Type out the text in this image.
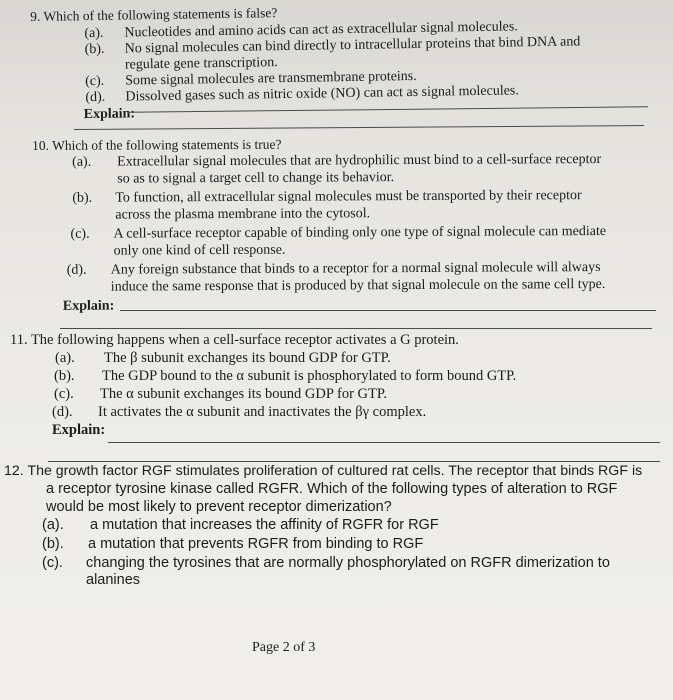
9. Which of the following statements is false?
(a). Nucleotides and amino acids can act as extracellular signal molecules.
(b). No signal molecules can bind directly to intracellular proteins that bind DNA and
regulate gene transcription.
(c). Some signal molecules are transmembrane proteins.
(d). Dissolved gases such as nitric oxide (NO) can act as signal molecules.
Explain:
10. Which of the following statements is true?
(a). Extracellular signal molecules that are hydrophilic must bind to a cell-surface receptor
so as to signal a target cell to change its behavior.
(b). To function, all extracellular signal molecules must be transported by their receptor
across the plasma membrane into the cytosol.
(c). A cell-surface receptor capable of binding only one type of signal molecule can mediate
only one kind of cell response.
(d). Any foreign substance that binds to a receptor for a normal signal molecule will always
induce the same response that is produced by that signal molecule on the same cell type.
Explain:
11. The following happens when a cell-surface receptor activates a G protein.
(a). The β subunit exchanges its bound GDP for GTP.
(b). The GDP bound to the α subunit is phosphorylated to form bound GTP.
(c). The α subunit exchanges its bound GDP for GTP.
(d). It activates the α subunit and inactivates the βγ complex.
Explain:
12. The growth factor RGF stimulates proliferation of cultured rat cells. The receptor that binds RGF is
a receptor tyrosine kinase called RGFR. Which of the following types of alteration to RGF
would be most likely to prevent receptor dimerization?
(a). a mutation that increases the affinity of RGFR for RGF
(b). a mutation that prevents RGFR from binding to RGF
(c). changing the tyrosines that are normally phosphorylated on RGFR dimerization to
alanines
Page 2 of 3
